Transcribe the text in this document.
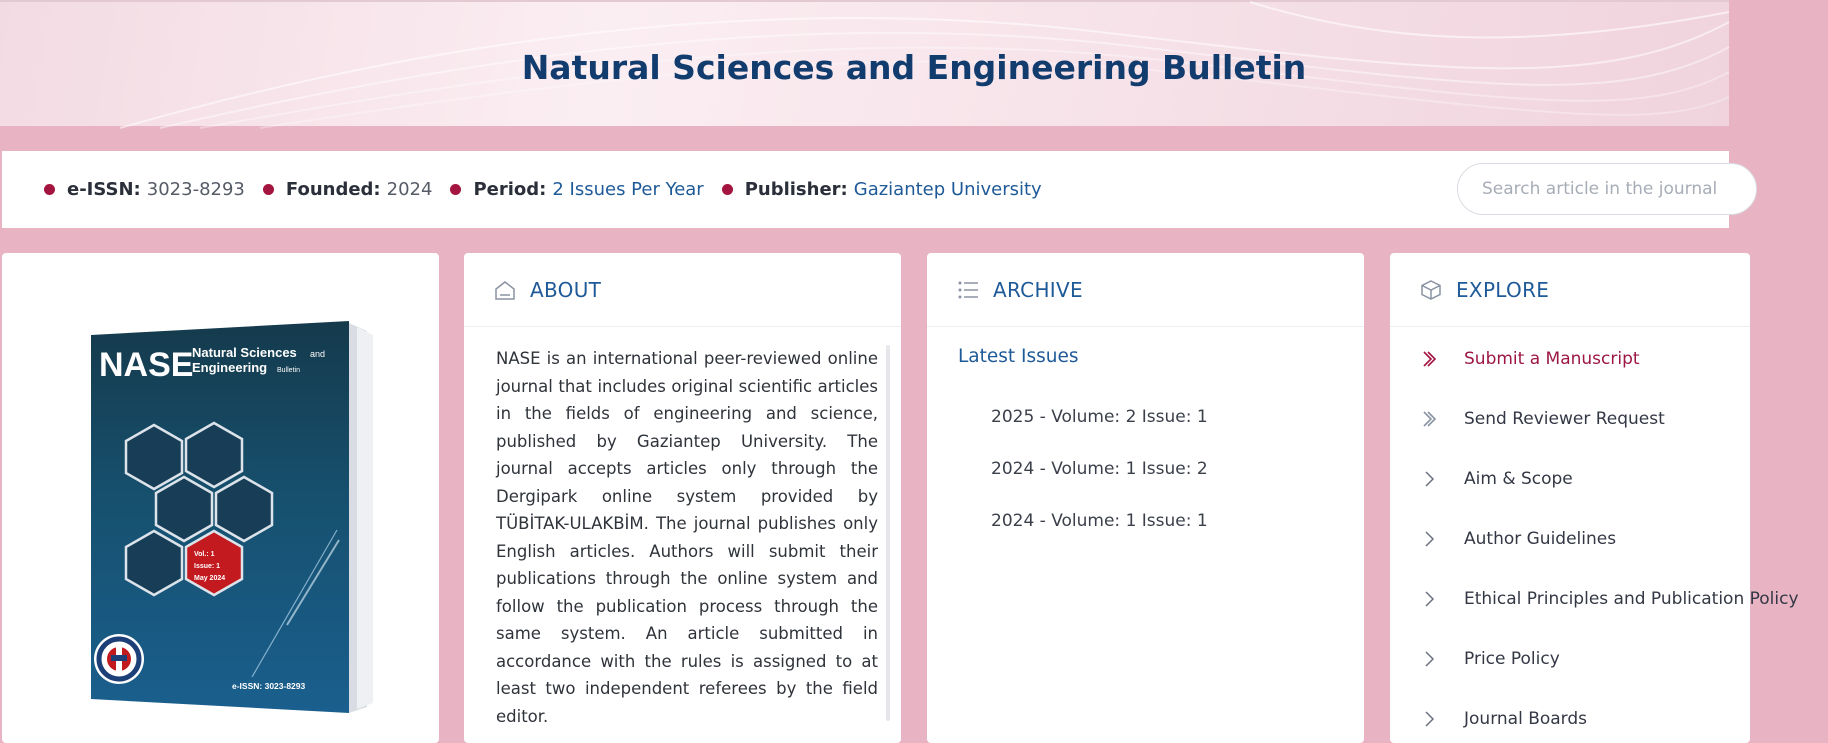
Natural Sciences and Engineering Bulletin
e-ISSN: 3023-8293 Founded: 2024 Period: 2 Issues Per Year Publisher: Gaziantep University	Search article in the journal
NASE
Natural Sciences and
Engineering Bulletin
Vol.: 1
Issue: 1
May 2024
e-ISSN: 3023-8293
ABOUT
NASE is an international peer-reviewed online journal that includes original scientific articles in the fields of engineering and science, published by Gaziantep University. The journal accepts articles only through the Dergipark online system provided by TÜBİTAK-ULAKBİM. The journal publishes only English articles. Authors will submit their publications through the online system and follow the publication process through the same system. An article submitted in accordance with the rules is assigned to at least two independent referees by the field editor.
ARCHIVE
Latest Issues
2025 - Volume: 2 Issue: 1
2024 - Volume: 1 Issue: 2
2024 - Volume: 1 Issue: 1
EXPLORE
Submit a Manuscript
Send Reviewer Request
Aim & Scope
Author Guidelines
Ethical Principles and Publication Policy
Price Policy
Journal Boards
